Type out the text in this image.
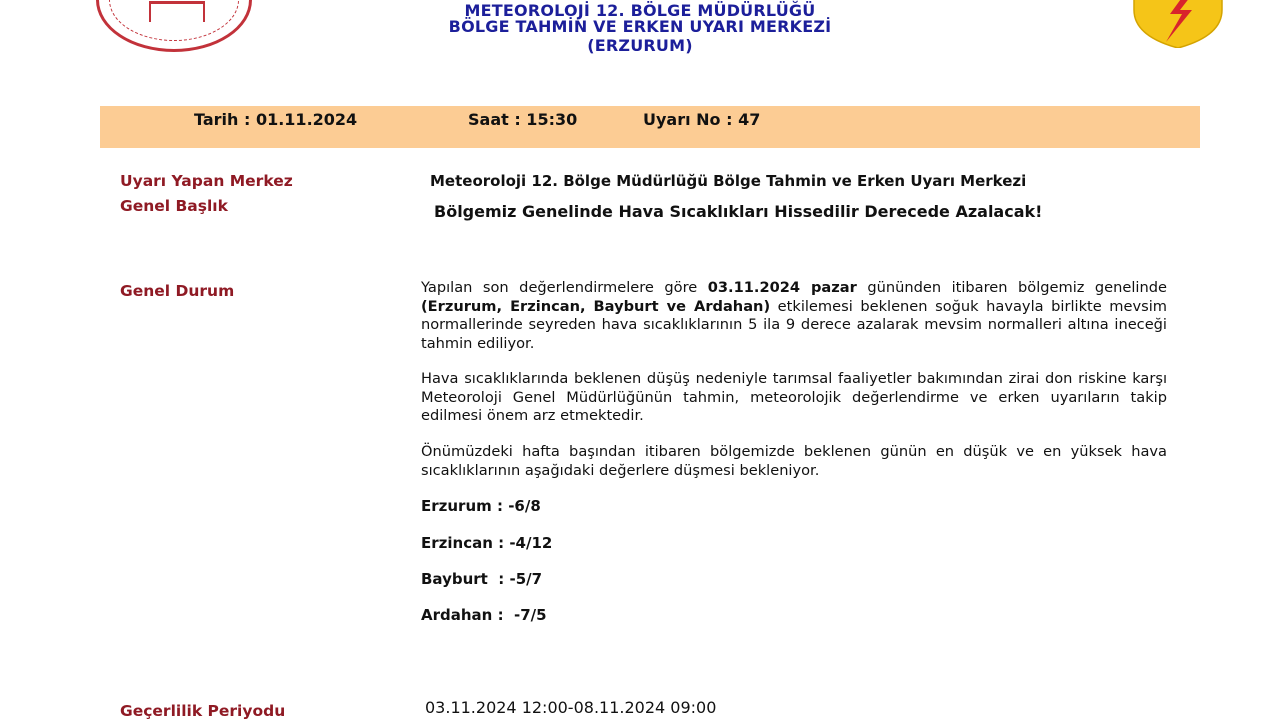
METEOROLOJİ 12. BÖLGE MÜDÜRLÜĞÜ
BÖLGE TAHMİN VE ERKEN UYARI MERKEZİ
(ERZURUM)
Tarih : 01.11.2024	Saat : 15:30	Uyarı No : 47
Uyarı Yapan Merkez	Meteoroloji 12. Bölge Müdürlüğü Bölge Tahmin ve Erken Uyarı Merkezi
Genel Başlık	Bölgemiz Genelinde Hava Sıcaklıkları Hissedilir Derecede Azalacak!
Genel Durum	Yapılan son değerlendirmelere göre 03.11.2024 pazar gününden itibaren bölgemiz genelinde (Erzurum, Erzincan, Bayburt ve Ardahan) etkilemesi beklenen soğuk havayla birlikte mevsim normallerinde seyreden hava sıcaklıklarının 5 ila 9 derece azalarak mevsim normalleri altına ineceği tahmin ediliyor.
Hava sıcaklıklarında beklenen düşüş nedeniyle tarımsal faaliyetler bakımından zirai don riskine karşı Meteoroloji Genel Müdürlüğünün tahmin, meteorolojik değerlendirme ve erken uyarıların takip edilmesi önem arz etmektedir.
Önümüzdeki hafta başından itibaren bölgemizde beklenen günün en düşük ve en yüksek hava sıcaklıklarının aşağıdaki değerlere düşmesi bekleniyor.
Erzurum : -6/8
Erzincan : -4/12
Bayburt  : -5/7
Ardahan :  -7/5
Geçerlilik Periyodu	03.11.2024 12:00-08.11.2024 09:00
